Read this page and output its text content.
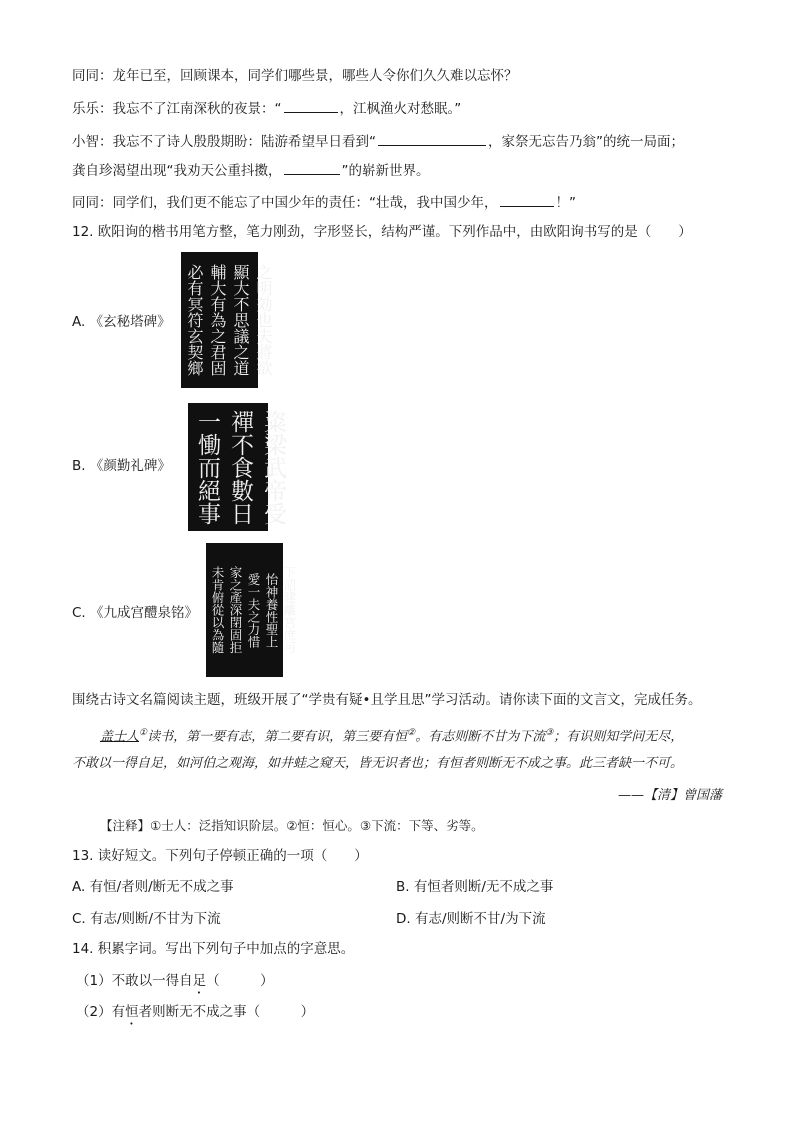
同同：龙年已至，回顾课本，同学们哪些景，哪些人令你们久久难以忘怀？
乐乐：我忘不了江南深秋的夜景：“	，江枫渔火对愁眠。”
小智：我忘不了诗人殷殷期盼：陆游希望早日看到“	，家祭无忘告乃翁”的统一局面；
龚自珍渴望出现“我劝天公重抖擞，	”的崭新世界。
同同：同学们，我们更不能忘了中国少年的责任：“壮哉，我中国少年，	！”
12. 欧阳询的楷书用笔方整，笔力刚劲，字形竖长，结构严谨。下列作品中，由欧阳询书写的是（　　）
A. 《玄秘塔碑》	之明効也夫將欲
顯大不思議之道
輔大有為之君固
必有冥符玄契鄉
B. 《颜勤礼碑》	粢梁武帝受
禪不食數日
一慟而絕事
C. 《九成宫醴泉铭》	下詔建離宮庶可
怡神養性聖上
愛一夫之力惜
家之產深閉固拒
未肯俯從以為隨
围绕古诗文名篇阅读主题，班级开展了“学贵有疑•且学且思”学习活动。请你读下面的文言文，完成任务。
盖士人①读书，第一要有志，第二要有识，第三要有恒②。有志则断不甘为下流③；有识则知学问无尽，
不敢以一得自足，如河伯之观海，如井蛙之窥天，皆无识者也；有恒者则断无不成之事。此三者缺一不可。
——【清】曾国藩
【注释】①士人：泛指知识阶层。②恒：恒心。③下流：下等、劣等。
13. 读好短文。下列句子停顿正确的一项（　　）
A. 有恒/者则/断无不成之事	B. 有恒者则断/无不成之事
C. 有志/则断/不甘为下流	D. 有志/则断不甘/为下流
14. 积累字词。写出下列句子中加点的字意思。
（1）不敢以一得自足（　　　）
（2）有恒者则断无不成之事（　　　）
